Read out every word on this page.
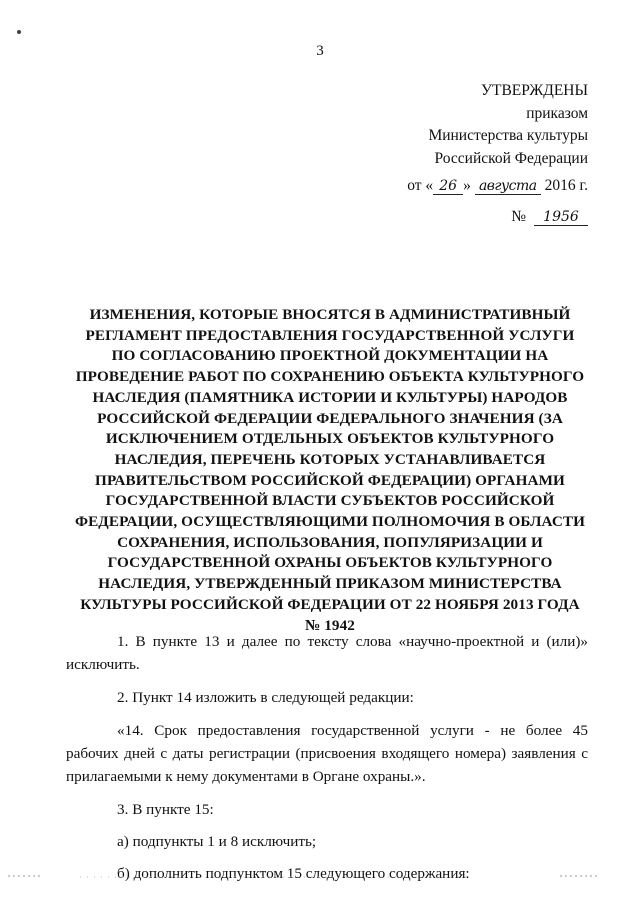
3
УТВЕРЖДЕНЫ
приказом
Министерства культуры
Российской Федерации
от « 26 » августа 2016 г.
№ 1956
ИЗМЕНЕНИЯ, КОТОРЫЕ ВНОСЯТСЯ В АДМИНИСТРАТИВНЫЙ
РЕГЛАМЕНТ ПРЕДОСТАВЛЕНИЯ ГОСУДАРСТВЕННОЙ УСЛУГИ
ПО СОГЛАСОВАНИЮ ПРОЕКТНОЙ ДОКУМЕНТАЦИИ НА
ПРОВЕДЕНИЕ РАБОТ ПО СОХРАНЕНИЮ ОБЪЕКТА КУЛЬТУРНОГО
НАСЛЕДИЯ (ПАМЯТНИКА ИСТОРИИ И КУЛЬТУРЫ) НАРОДОВ
РОССИЙСКОЙ ФЕДЕРАЦИИ ФЕДЕРАЛЬНОГО ЗНАЧЕНИЯ (ЗА
ИСКЛЮЧЕНИЕМ ОТДЕЛЬНЫХ ОБЪЕКТОВ КУЛЬТУРНОГО
НАСЛЕДИЯ, ПЕРЕЧЕНЬ КОТОРЫХ УСТАНАВЛИВАЕТСЯ
ПРАВИТЕЛЬСТВОМ РОССИЙСКОЙ ФЕДЕРАЦИИ) ОРГАНАМИ
ГОСУДАРСТВЕННОЙ ВЛАСТИ СУБЪЕКТОВ РОССИЙСКОЙ
ФЕДЕРАЦИИ, ОСУЩЕСТВЛЯЮЩИМИ ПОЛНОМОЧИЯ В ОБЛАСТИ
СОХРАНЕНИЯ, ИСПОЛЬЗОВАНИЯ, ПОПУЛЯРИЗАЦИИ И
ГОСУДАРСТВЕННОЙ ОХРАНЫ ОБЪЕКТОВ КУЛЬТУРНОГО
НАСЛЕДИЯ, УТВЕРЖДЕННЫЙ ПРИКАЗОМ МИНИСТЕРСТВА
КУЛЬТУРЫ РОССИЙСКОЙ ФЕДЕРАЦИИ ОТ 22 НОЯБРЯ 2013 ГОДА
№ 1942

1. В пункте 13 и далее по тексту слова «научно-проектной и (или)» исключить.

2. Пункт 14 изложить в следующей редакции:

«14. Срок предоставления государственной услуги - не более 45 рабочих дней с даты регистрации (присвоения входящего номера) заявления с прилагаемыми к нему документами в Органе охраны.».

3. В пункте 15:

а) подпункты 1 и 8 исключить;

б) дополнить подпунктом 15 следующего содержания:
